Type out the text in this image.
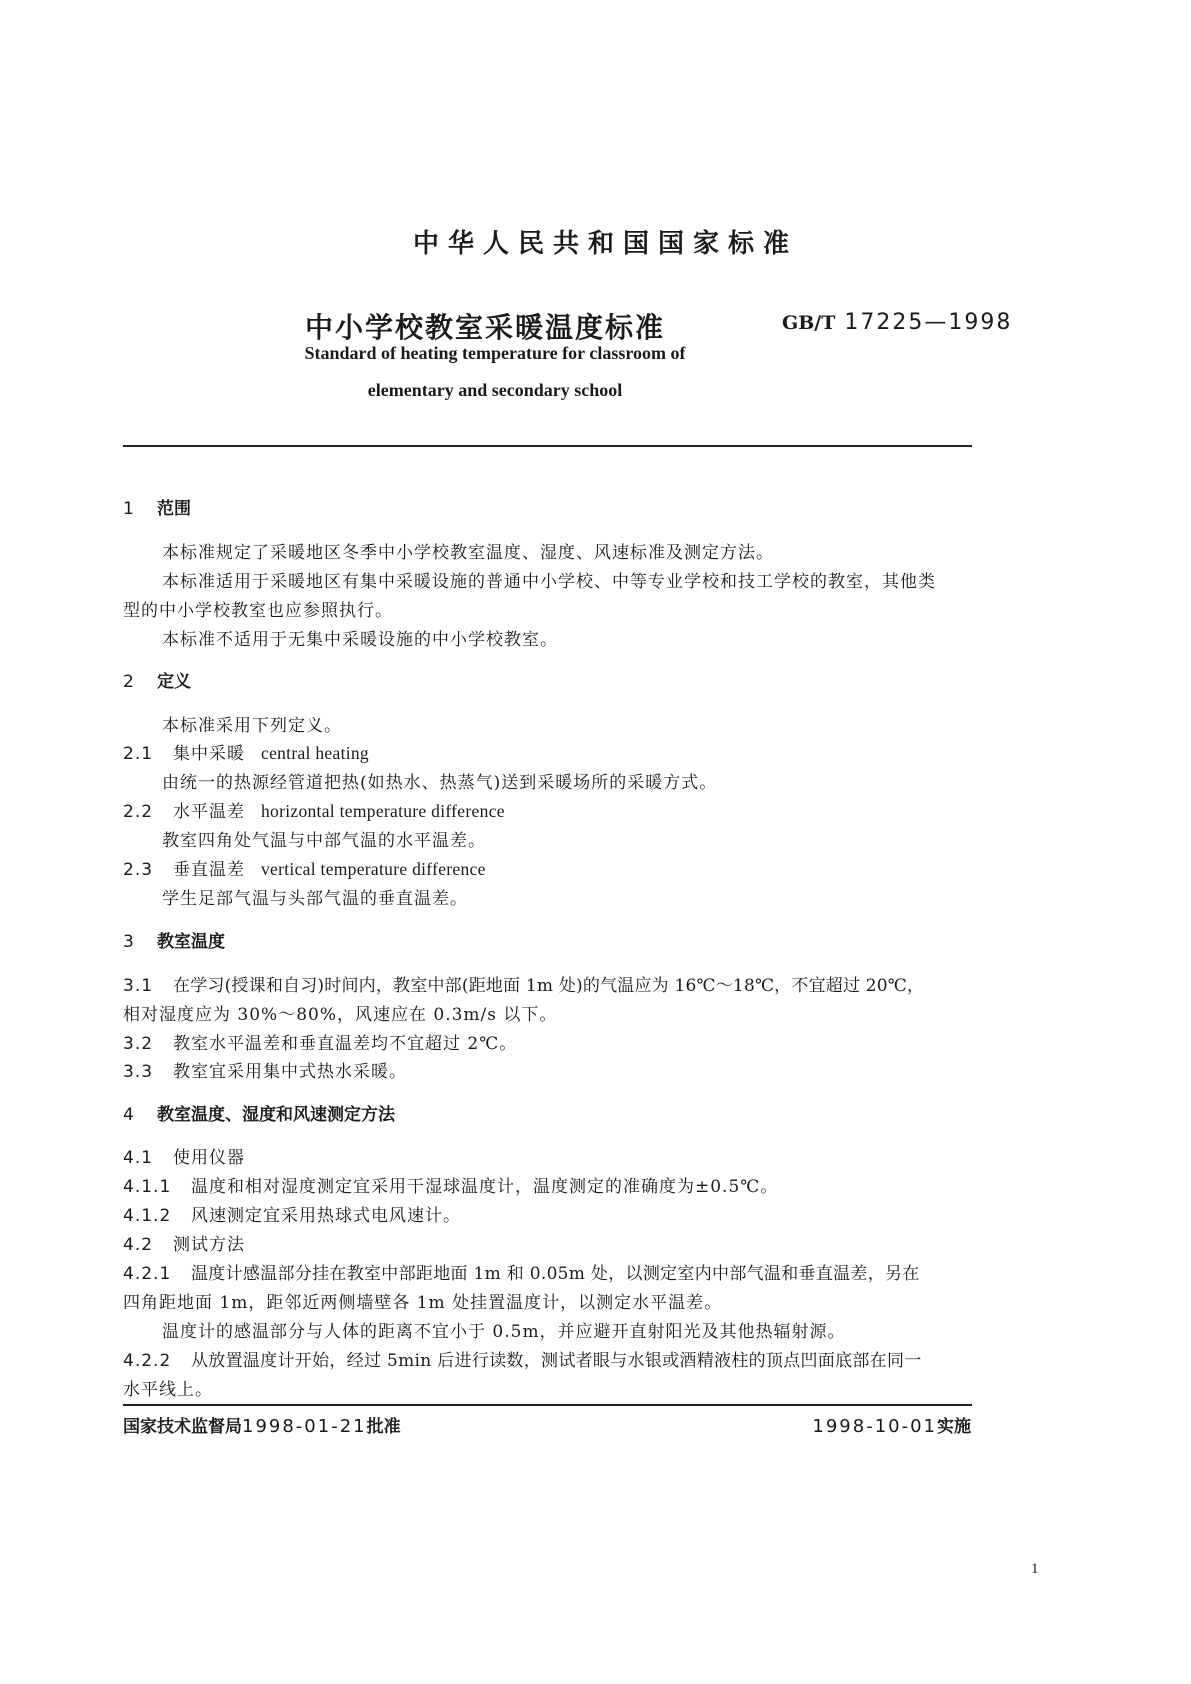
中华人民共和国国家标准
中小学校教室采暖温度标准	GB/T 17225—1998
Standard of heating temperature for classroom of
elementary and secondary school
1 范围
本标准规定了采暖地区冬季中小学校教室温度、湿度、风速标准及测定方法。
本标准适用于采暖地区有集中采暖设施的普通中小学校、中等专业学校和技工学校的教室，其他类
型的中小学校教室也应参照执行。
本标准不适用于无集中采暖设施的中小学校教室。
2 定义
本标准采用下列定义。
2.1 集中采暖 central heating
由统一的热源经管道把热(如热水、热蒸气)送到采暖场所的采暖方式。
2.2 水平温差 horizontal temperature difference
教室四角处气温与中部气温的水平温差。
2.3 垂直温差 vertical temperature difference
学生足部气温与头部气温的垂直温差。
3 教室温度
3.1 在学习(授课和自习)时间内，教室中部(距地面 1m 处)的气温应为 16℃～18℃，不宜超过 20℃，
相对湿度应为 30%～80%，风速应在 0.3m/s 以下。
3.2 教室水平温差和垂直温差均不宜超过 2℃。
3.3 教室宜采用集中式热水采暖。
4 教室温度、湿度和风速测定方法
4.1 使用仪器
4.1.1 温度和相对湿度测定宜采用干湿球温度计，温度测定的准确度为±0.5℃。
4.1.2 风速测定宜采用热球式电风速计。
4.2 测试方法
4.2.1 温度计感温部分挂在教室中部距地面 1m 和 0.05m 处，以测定室内中部气温和垂直温差，另在
四角距地面 1m，距邻近两侧墙壁各 1m 处挂置温度计，以测定水平温差。
温度计的感温部分与人体的距离不宜小于 0.5m，并应避开直射阳光及其他热辐射源。
4.2.2 从放置温度计开始，经过 5min 后进行读数，测试者眼与水银或酒精液柱的顶点凹面底部在同一
水平线上。
国家技术监督局1998-01-21批准	1998-10-01实施
1
